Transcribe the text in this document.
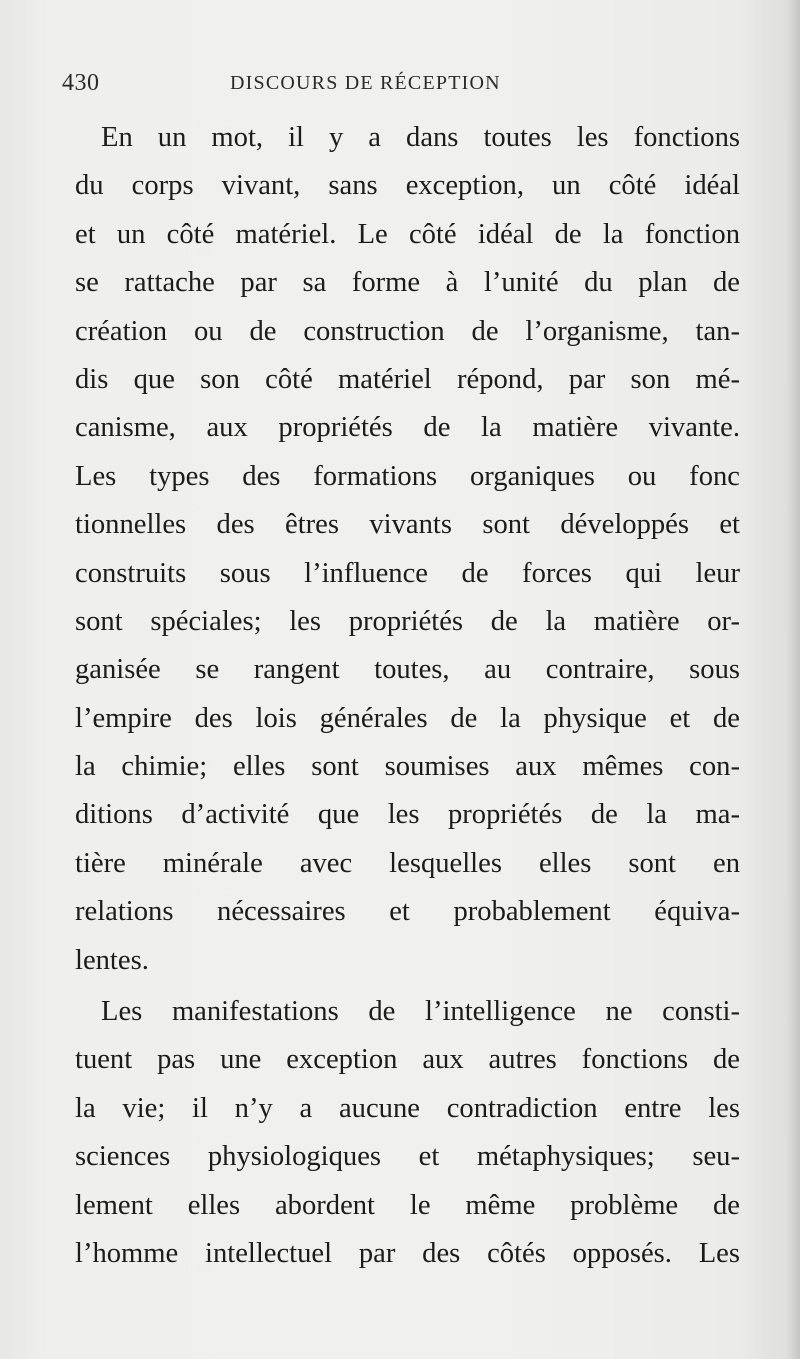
430	DISCOURS DE RÉCEPTION
En un mot, il y a dans toutes les fonctions
du corps vivant, sans exception, un côté idéal
et un côté matériel. Le côté idéal de la fonction
se rattache par sa forme à l’unité du plan de
création ou de construction de l’organisme, tan-
dis que son côté matériel répond, par son mé-
canisme, aux propriétés de la matière vivante.
Les types des formations organiques ou fonc
tionnelles des êtres vivants sont développés et
construits sous l’influence de forces qui leur
sont spéciales; les propriétés de la matière or-
ganisée se rangent toutes, au contraire, sous
l’empire des lois générales de la physique et de
la chimie; elles sont soumises aux mêmes con-
ditions d’activité que les propriétés de la ma-
tière minérale avec lesquelles elles sont en
relations nécessaires et probablement équiva-
lentes.
Les manifestations de l’intelligence ne consti-
tuent pas une exception aux autres fonctions de
la vie; il n’y a aucune contradiction entre les
sciences physiologiques et métaphysiques; seu-
lement elles abordent le même problème de
l’homme intellectuel par des côtés opposés. Les
